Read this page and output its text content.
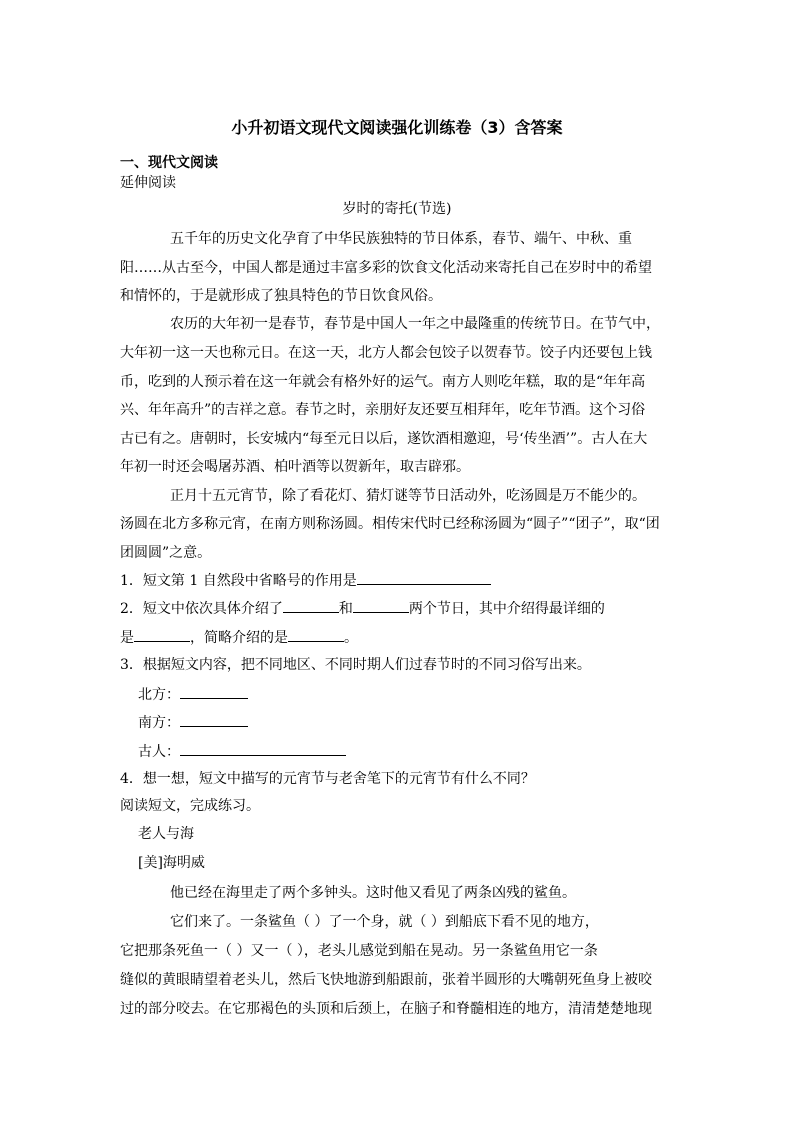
小升初语文现代文阅读强化训练卷（3）含答案
一、现代文阅读
延伸阅读
岁时的寄托(节选)
五千年的历史文化孕育了中华民族独特的节日体系，春节、端午、中秋、重
阳……从古至今，中国人都是通过丰富多彩的饮食文化活动来寄托自己在岁时中的希望
和情怀的，于是就形成了独具特色的节日饮食风俗。
农历的大年初一是春节，春节是中国人一年之中最隆重的传统节日。在节气中，
大年初一这一天也称元日。在这一天，北方人都会包饺子以贺春节。饺子内还要包上钱
币，吃到的人预示着在这一年就会有格外好的运气。南方人则吃年糕，取的是“年年高
兴、年年高升”的吉祥之意。春节之时，亲朋好友还要互相拜年，吃年节酒。这个习俗
古已有之。唐朝时，长安城内“每至元日以后，遂饮酒相邀迎，号‘传坐酒’”。古人在大
年初一时还会喝屠苏酒、柏叶酒等以贺新年，取吉辟邪。
正月十五元宵节，除了看花灯、猜灯谜等节日活动外，吃汤圆是万不能少的。
汤圆在北方多称元宵，在南方则称汤圆。相传宋代时已经称汤圆为“圆子”“团子”，取“团
团圆圆”之意。
1．短文第 1 自然段中省略号的作用是
2．短文中依次具体介绍了	和	两个节日，其中介绍得最详细的
是	，简略介绍的是	。
3．根据短文内容，把不同地区、不同时期人们过春节时的不同习俗写出来。
北方：
南方：
古人：
4．想一想，短文中描写的元宵节与老舍笔下的元宵节有什么不同？
阅读短文，完成练习。
老人与海
[美]海明威
他已经在海里走了两个多钟头。这时他又看见了两条凶残的鲨鱼。
它们来了。一条鲨鱼（ ）了一个身，就（ ）到船底下看不见的地方，
它把那条死鱼一（ ）又一（ ），老头儿感觉到船在晃动。另一条鲨鱼用它一条
缝似的黄眼睛望着老头儿，然后飞快地游到船跟前，张着半圆形的大嘴朝死鱼身上被咬
过的部分咬去。在它那褐色的头顶和后颈上，在脑子和脊髓相连的地方，清清楚楚地现
